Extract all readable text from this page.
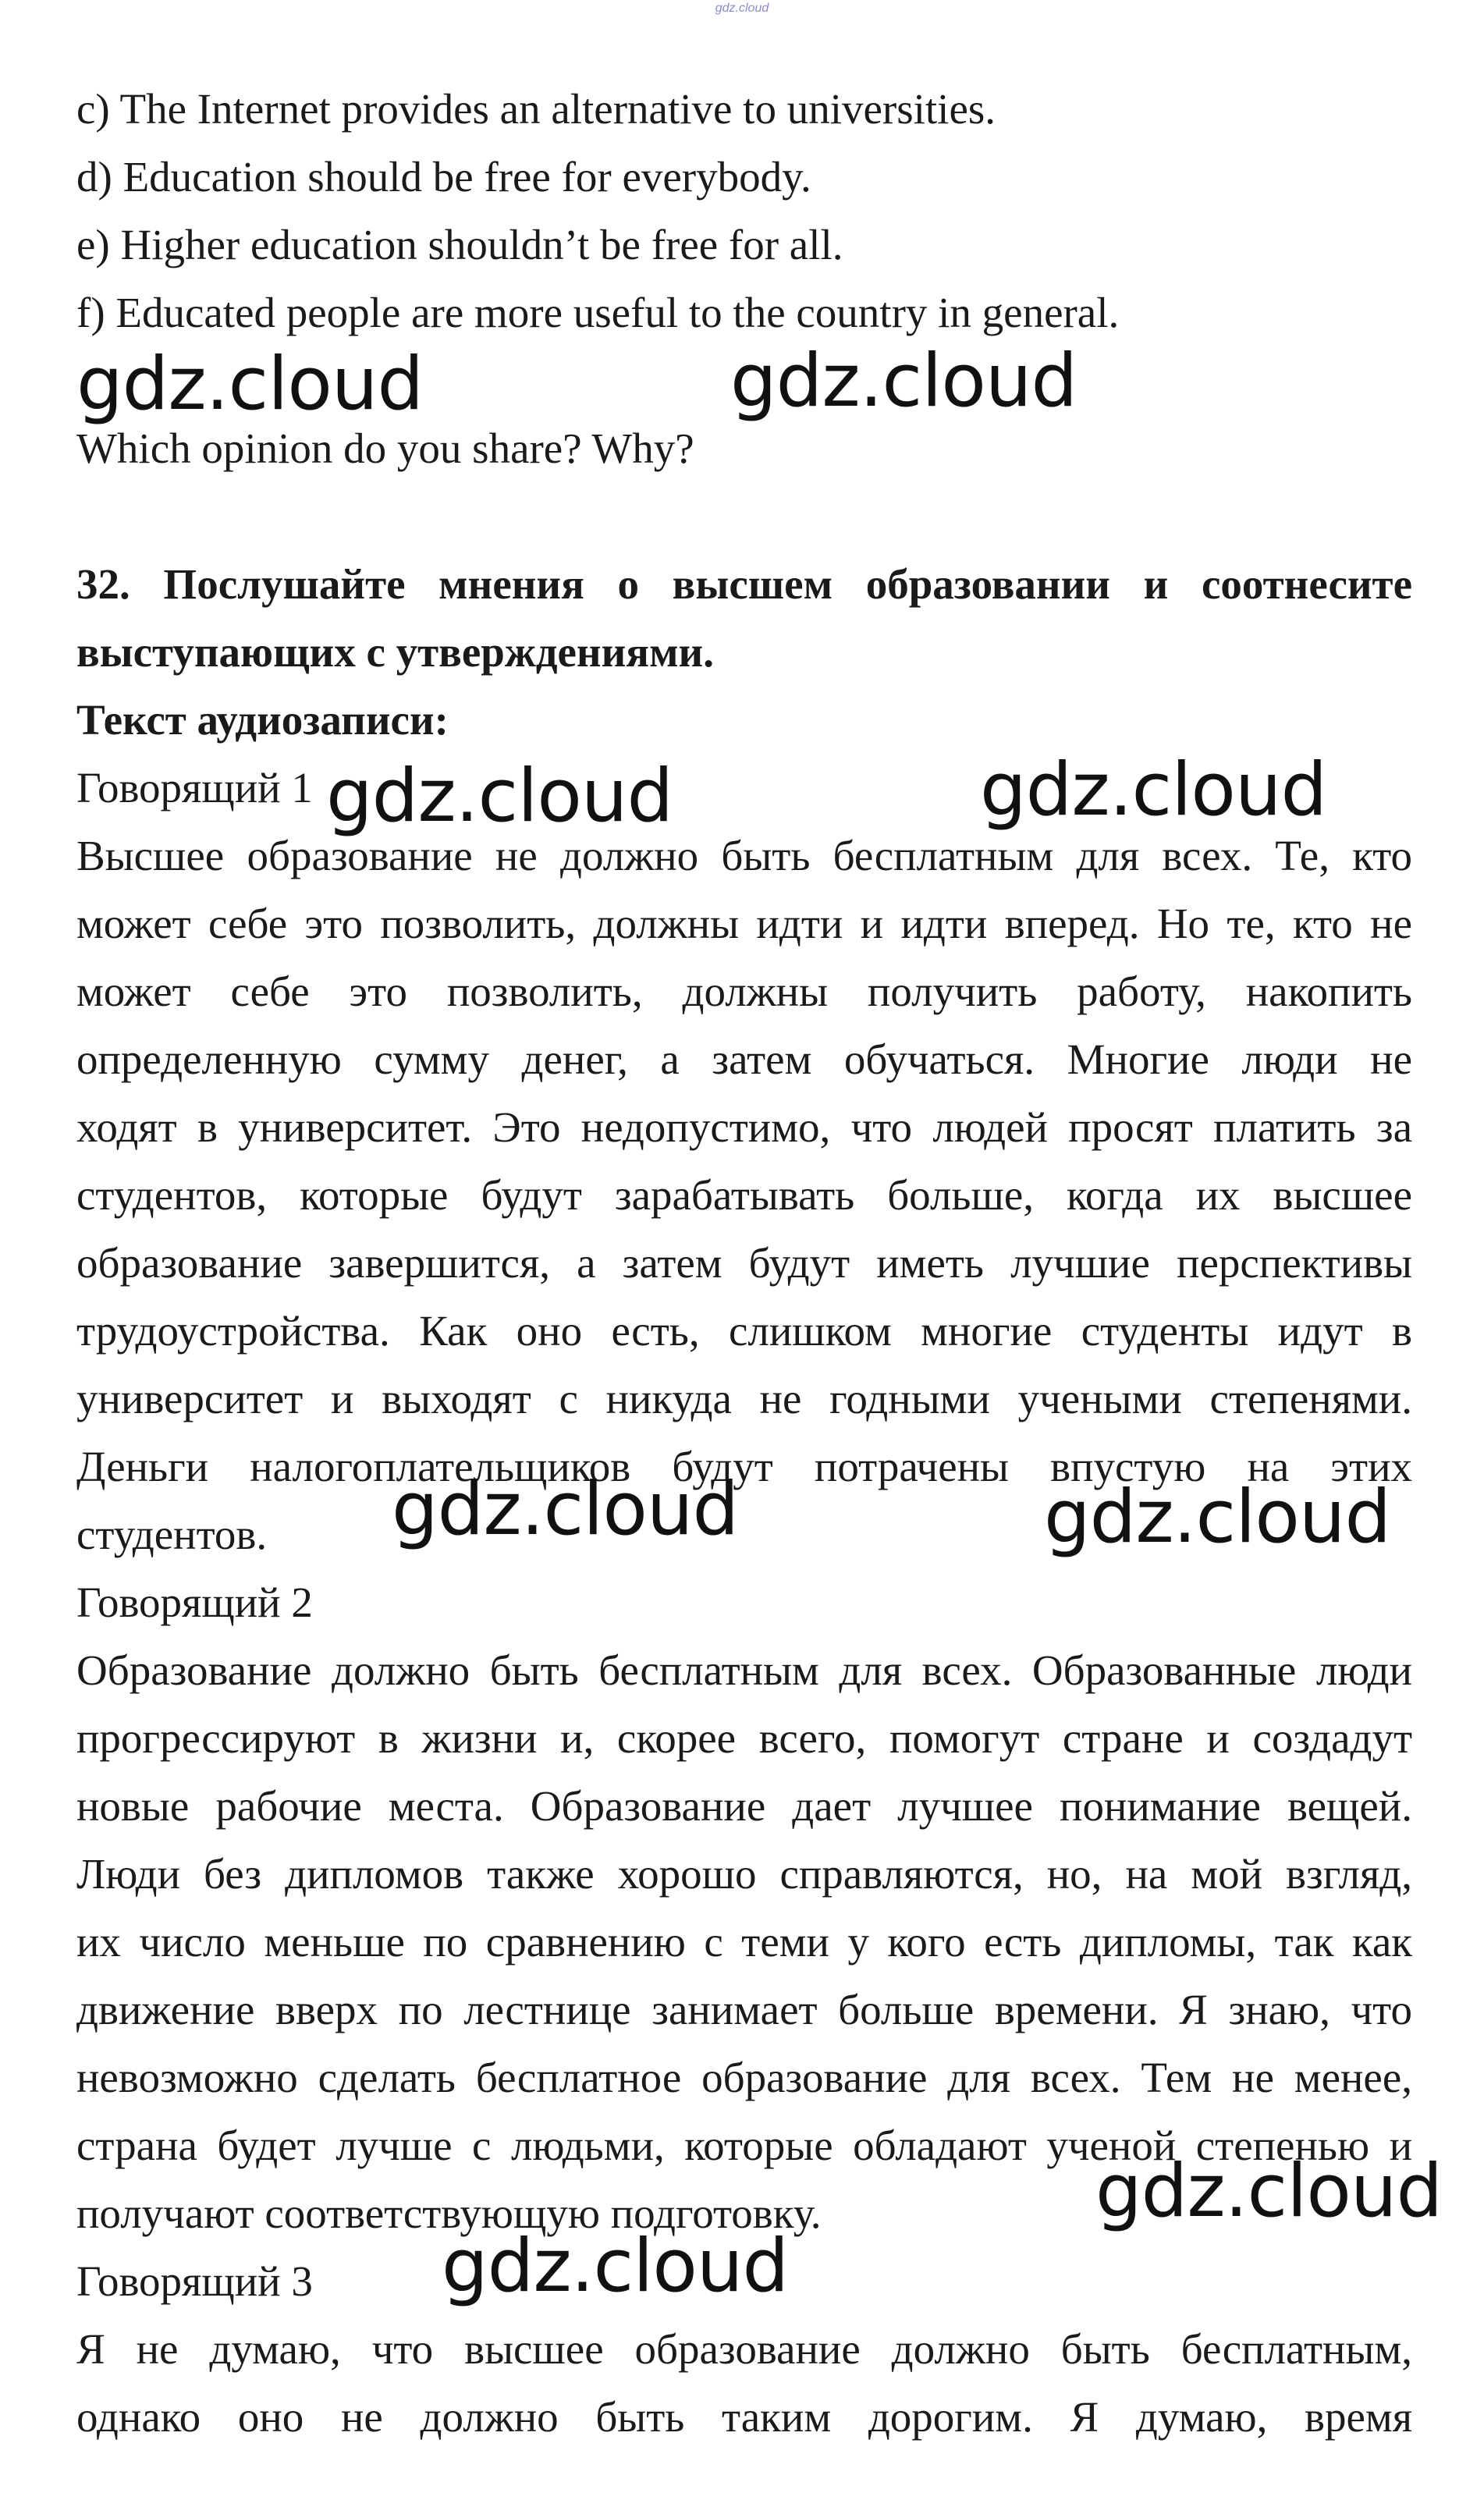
gdz.cloud
c) The Internet provides an alternative to universities.
d) Education should be free for everybody.
e) Higher education shouldn’t be free for all.
f) Educated people are more useful to the country in general.
Which opinion do you share? Why?
32. Послушайте мнения о высшем образовании и соотнесите
выступающих с утверждениями.
Текст аудиозаписи:
Говорящий 1
Высшее образование не должно быть бесплатным для всех. Те, кто
может себе это позволить, должны идти и идти вперед. Но те, кто не
может себе это позволить, должны получить работу, накопить
определенную сумму денег, а затем обучаться. Многие люди не
ходят в университет. Это недопустимо, что людей просят платить за
студентов, которые будут зарабатывать больше, когда их высшее
образование завершится, а затем будут иметь лучшие перспективы
трудоустройства. Как оно есть, слишком многие студенты идут в
университет и выходят с никуда не годными учеными степенями.
Деньги налогоплательщиков будут потрачены впустую на этих
студентов.
Говорящий 2
Образование должно быть бесплатным для всех. Образованные люди
прогрессируют в жизни и, скорее всего, помогут стране и создадут
новые рабочие места. Образование дает лучшее понимание вещей.
Люди без дипломов также хорошо справляются, но, на мой взгляд,
их число меньше по сравнению с теми у кого есть дипломы, так как
движение вверх по лестнице занимает больше времени. Я знаю, что
невозможно сделать бесплатное образование для всех. Тем не менее,
страна будет лучше с людьми, которые обладают ученой степенью и
получают соответствующую подготовку.
Говорящий 3
Я не думаю, что высшее образование должно быть бесплатным,
однако оно не должно быть таким дорогим. Я думаю, время
gdz.cloud	gdz.cloud
gdz.cloud	gdz.cloud
gdz.cloud	gdz.cloud
gdz.cloud
gdz.cloud
